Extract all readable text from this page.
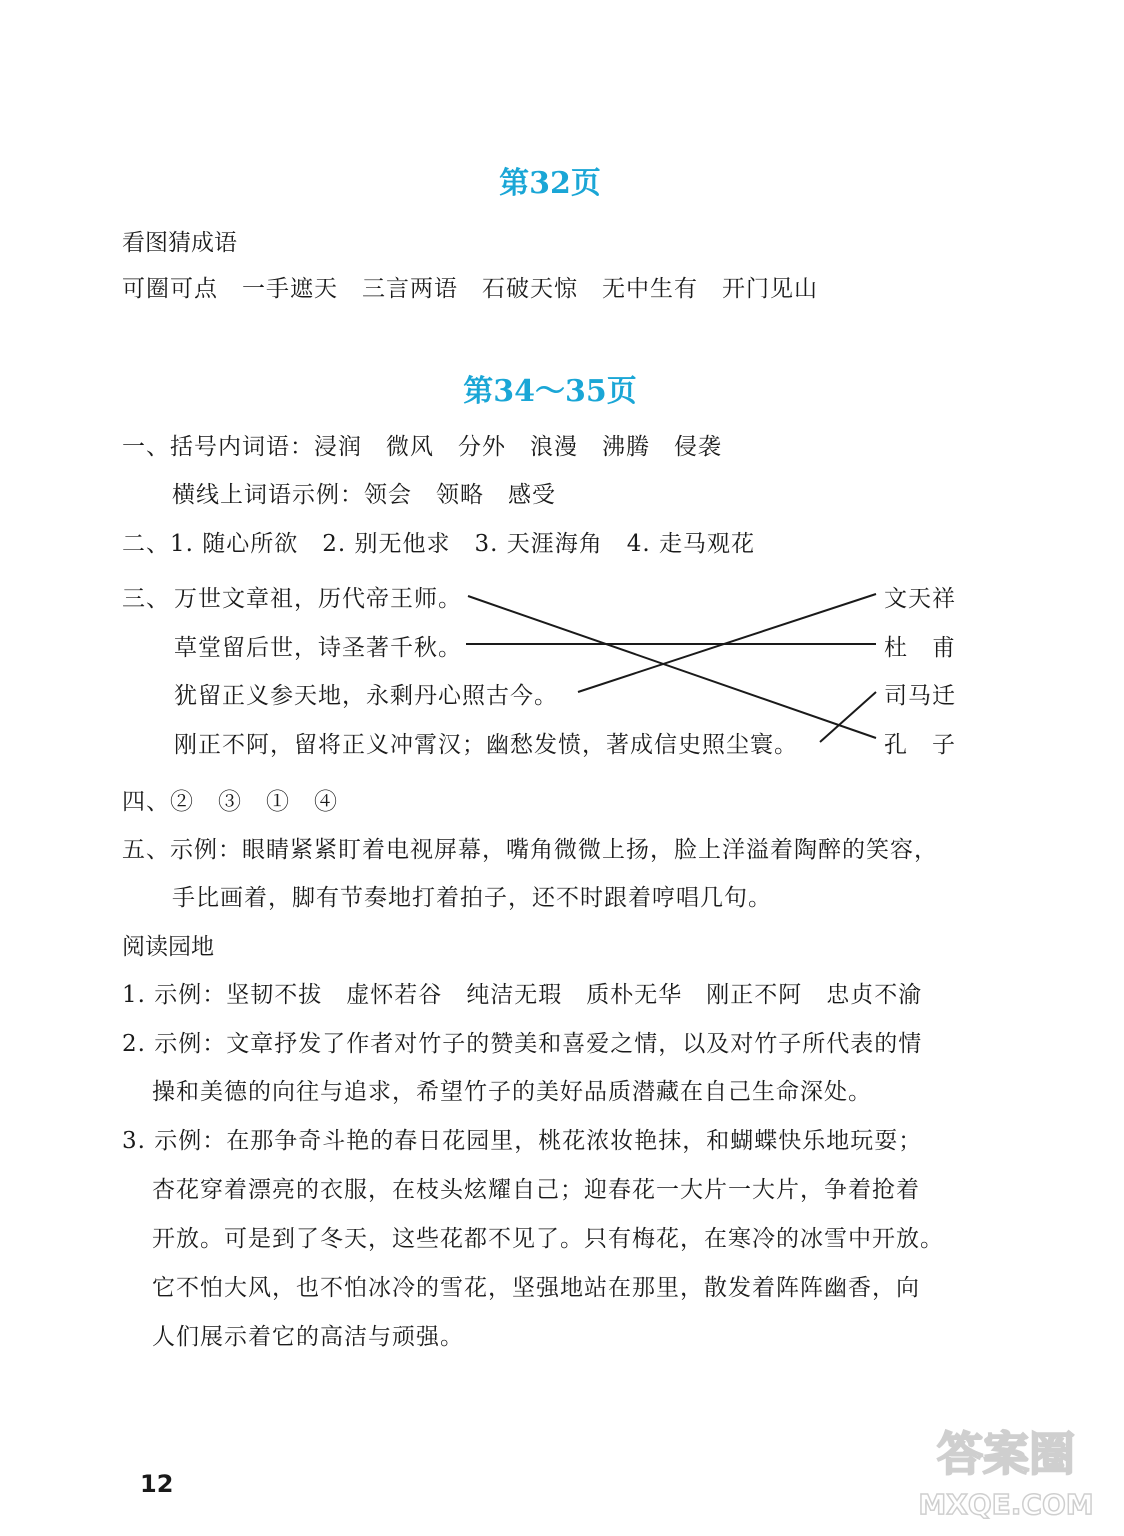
第32页
看图猜成语
可圈可点　一手遮天　三言两语　石破天惊　无中生有　开门见山
第34～35页
一、括号内词语：浸润　微风　分外　浪漫　沸腾　侵袭
横线上词语示例：领会　领略　感受
二、1. 随心所欲　2. 别无他求　3. 天涯海角　4. 走马观花
三、 万世文章祖，历代帝王师。
草堂留后世，诗圣著千秋。
犹留正义参天地，永剩丹心照古今。
刚正不阿，留将正义冲霄汉；幽愁发愤，著成信史照尘寰。
文天祥
杜　甫
司马迁
孔　子
四、②　③　①　④
五、示例：眼睛紧紧盯着电视屏幕，嘴角微微上扬，脸上洋溢着陶醉的笑容，
手比画着，脚有节奏地打着拍子，还不时跟着哼唱几句。
阅读园地
1. 示例：坚韧不拔　虚怀若谷　纯洁无瑕　质朴无华　刚正不阿　忠贞不渝
2. 示例：文章抒发了作者对竹子的赞美和喜爱之情，以及对竹子所代表的情
操和美德的向往与追求，希望竹子的美好品质潜藏在自己生命深处。
3. 示例：在那争奇斗艳的春日花园里，桃花浓妆艳抹，和蝴蝶快乐地玩耍；
杏花穿着漂亮的衣服，在枝头炫耀自己；迎春花一大片一大片，争着抢着
开放。可是到了冬天，这些花都不见了。只有梅花，在寒冷的冰雪中开放。
它不怕大风，也不怕冰冷的雪花，坚强地站在那里，散发着阵阵幽香，向
人们展示着它的高洁与顽强。
12
答案圈
MXQE.COM
